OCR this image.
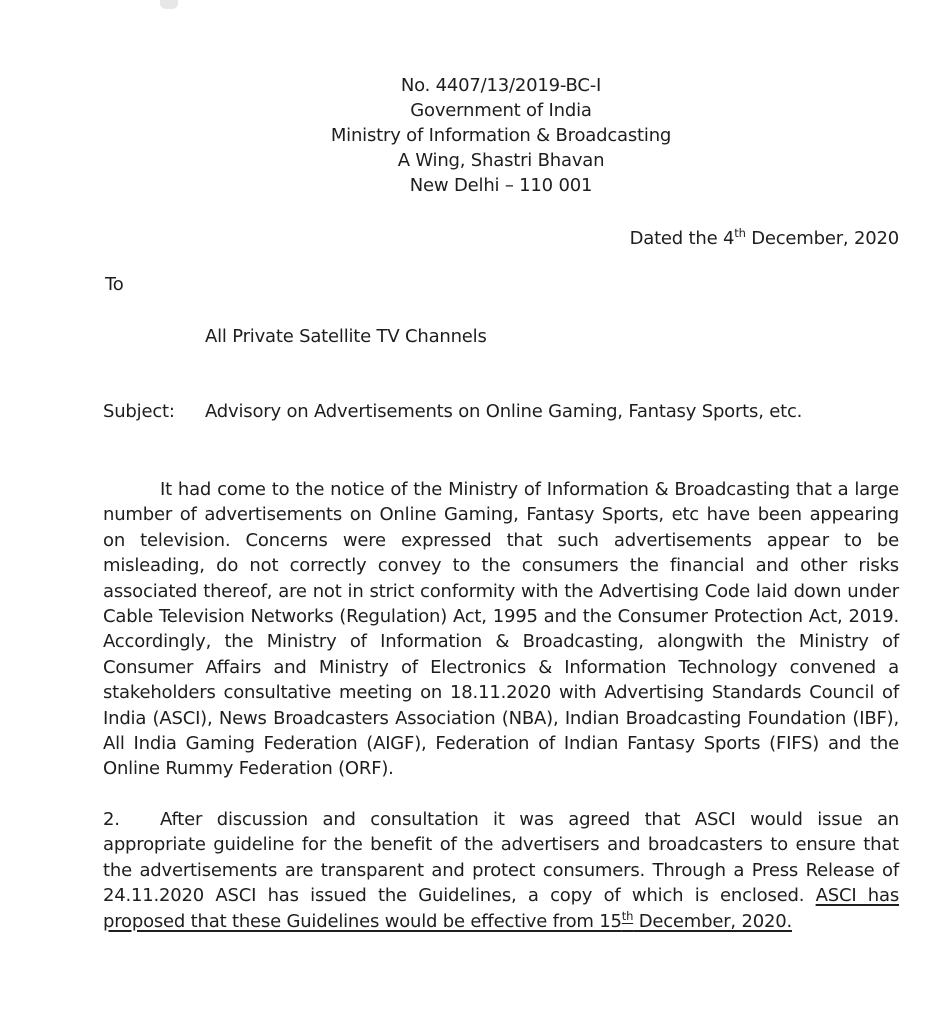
No. 4407/13/2019-BC-I
Government of India
Ministry of Information & Broadcasting
A Wing, Shastri Bhavan
New Delhi – 110 001
Dated the 4th December, 2020
To
All Private Satellite TV Channels
Subject: Advisory on Advertisements on Online Gaming, Fantasy Sports, etc.

It had come to the notice of the Ministry of Information & Broadcasting that a large number of advertisements on Online Gaming, Fantasy Sports, etc have been appearing on television. Concerns were expressed that such advertisements appear to be misleading, do not correctly convey to the consumers the financial and other risks associated thereof, are not in strict conformity with the Advertising Code laid down under Cable Television Networks (Regulation) Act, 1995 and the Consumer Protection Act, 2019. Accordingly, the Ministry of Information & Broadcasting, alongwith the Ministry of Consumer Affairs and Ministry of Electronics & Information Technology convened a stakeholders consultative meeting on 18.11.2020 with Advertising Standards Council of India (ASCI), News Broadcasters Association (NBA), Indian Broadcasting Foundation (IBF), All India Gaming Federation (AIGF), Federation of Indian Fantasy Sports (FIFS) and the Online Rummy Federation (ORF).

2. After discussion and consultation it was agreed that ASCI would issue an appropriate guideline for the benefit of the advertisers and broadcasters to ensure that the advertisements are transparent and protect consumers. Through a Press Release of 24.11.2020 ASCI has issued the Guidelines, a copy of which is enclosed. ASCI has proposed that these Guidelines would be effective from 15th December, 2020.
